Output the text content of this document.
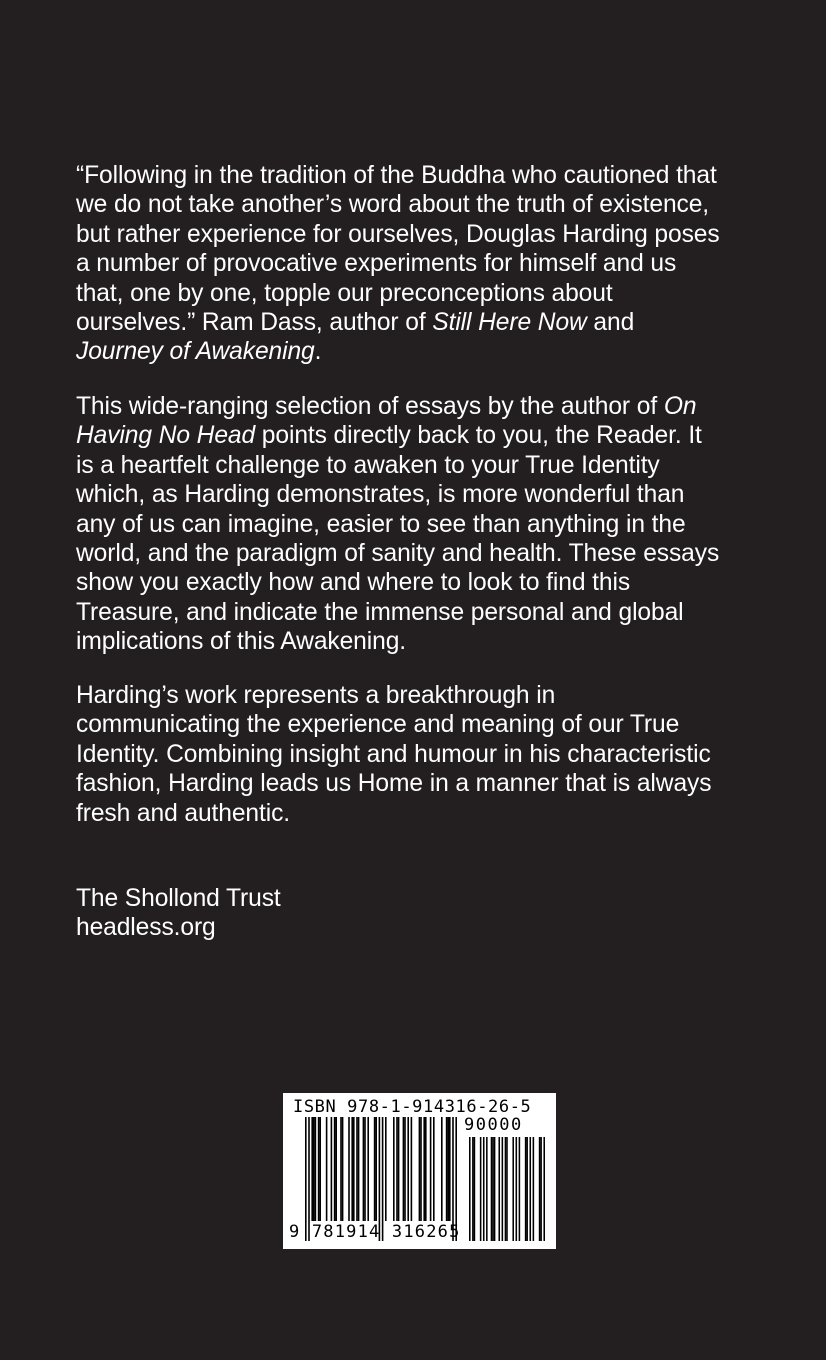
“Following in the tradition of the Buddha who cautioned that
we do not take another’s word about the truth of existence,
but rather experience for ourselves, Douglas Harding poses
a number of provocative experiments for himself and us
that, one by one, topple our preconceptions about
ourselves.” Ram Dass, author of Still Here Now and
Journey of Awakening.
This wide-ranging selection of essays by the author of On
Having No Head points directly back to you, the Reader. It
is a heartfelt challenge to awaken to your True Identity
which, as Harding demonstrates, is more wonderful than
any of us can imagine, easier to see than anything in the
world, and the paradigm of sanity and health. These essays
show you exactly how and where to look to find this
Treasure, and indicate the immense personal and global
implications of this Awakening.
Harding’s work represents a breakthrough in
communicating the experience and meaning of our True
Identity. Combining insight and humour in his characteristic
fashion, Harding leads us Home in a manner that is always
fresh and authentic.
The Shollond Trust
headless.org
ISBN 978-1-914316-26-5
90000
9 781914 316265
